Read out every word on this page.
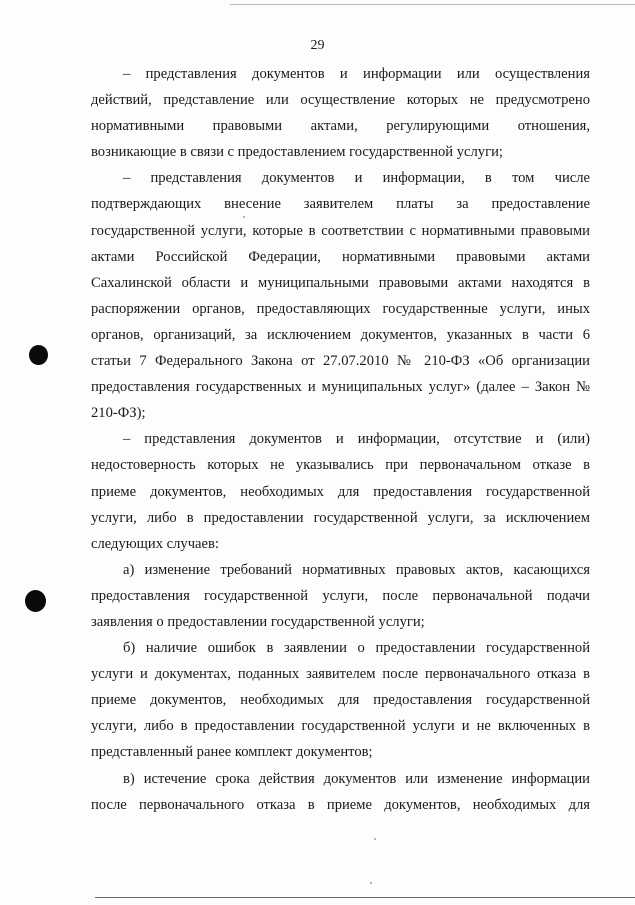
29
– представления документов и информации или осуществления
действий, представление или осуществление которых не предусмотрено
нормативными правовыми актами, регулирующими отношения,
возникающие в связи с предоставлением государственной услуги;
– представления документов и информации, в том числе
подтверждающих внесение заявителем платы за предоставление
государственной услуги, которые в соответствии с нормативными правовыми
актами Российской Федерации, нормативными правовыми актами
Сахалинской области и муниципальными правовыми актами находятся в
распоряжении органов, предоставляющих государственные услуги, иных
органов, организаций, за исключением документов, указанных в части 6
статьи 7 Федерального Закона от 27.07.2010 № 210-ФЗ «Об организации
предоставления государственных и муниципальных услуг» (далее – Закон №
210-ФЗ);
– представления документов и информации, отсутствие и (или)
недостоверность которых не указывались при первоначальном отказе в
приеме документов, необходимых для предоставления государственной
услуги, либо в предоставлении государственной услуги, за исключением
следующих случаев:
а) изменение требований нормативных правовых актов, касающихся
предоставления государственной услуги, после первоначальной подачи
заявления о предоставлении государственной услуги;
б) наличие ошибок в заявлении о предоставлении государственной
услуги и документах, поданных заявителем после первоначального отказа в
приеме документов, необходимых для предоставления государственной
услуги, либо в предоставлении государственной услуги и не включенных в
представленный ранее комплект документов;
в) истечение срока действия документов или изменение информации
после первоначального отказа в приеме документов, необходимых для
